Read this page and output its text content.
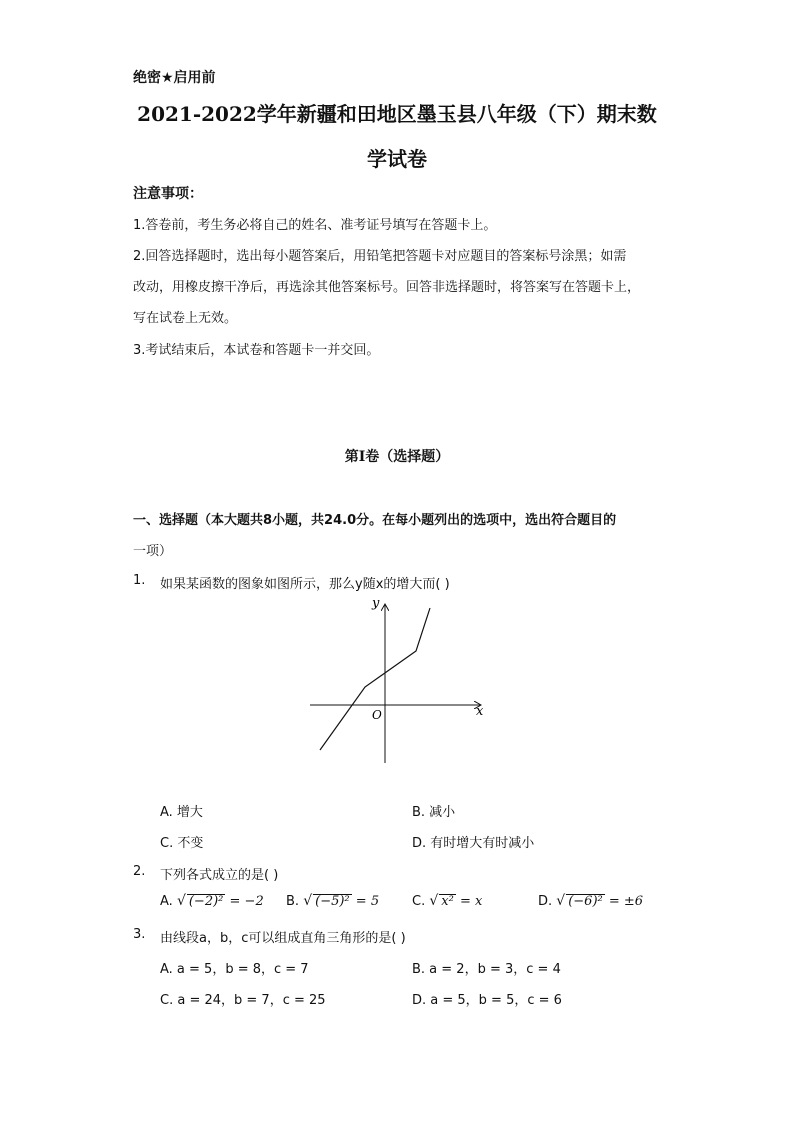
绝密★启用前
2021-2022学年新疆和田地区墨玉县八年级（下）期末数
学试卷
注意事项：
1.答卷前，考生务必将自己的姓名、准考证号填写在答题卡上。
2.回答选择题时，选出每小题答案后，用铅笔把答题卡对应题目的答案标号涂黑；如需
改动，用橡皮擦干净后，再选涂其他答案标号。回答非选择题时，将答案写在答题卡上，
写在试卷上无效。
3.考试结束后，本试卷和答题卡一并交回。
第Ⅰ卷（选择题）
一、选择题（本大题共8小题，共24.0分。在每小题列出的选项中，选出符合题目的
一项）
1. 如果某函数的图象如图所示，那么y随x的增大而( )
y
x
O
A. 增大	B. 减小
C. 不变	D. 有时增大有时减小
2. 下列各式成立的是( )
A. √ (−2)² = −2 B. √ (−5)² = 5	C. √ x² = x	D. √ (−6)² = ±6
3. 由线段a，b，c可以组成直角三角形的是( )
A. a = 5，b = 8，c = 7	B. a = 2，b = 3，c = 4
C. a = 24，b = 7，c = 25	D. a = 5，b = 5，c = 6
